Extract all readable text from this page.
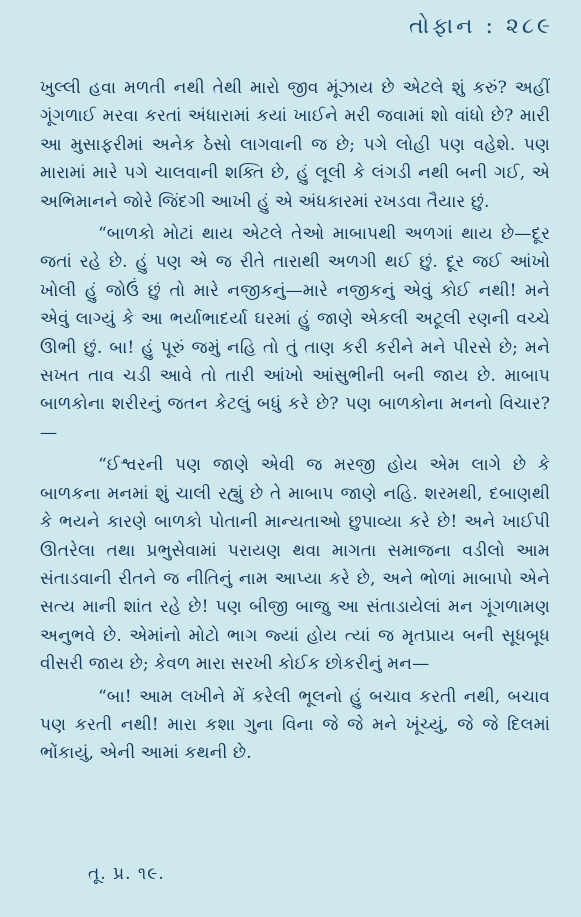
તોફાન : ૨૮૯

ખુલ્લી હવા મળતી નથી તેથી મારો જીવ મૂંઝાય છે એટલે શું કરું? અહીં ગૂંગળાઈ મરવા કરતાં અંધારામાં કયાં ખાઈને મરી જવામાં શો વાંધો છે? મારી આ મુસાફરીમાં અનેક ઠેસો લાગવાની જ છે; પગે લોહી પણ વહેશે. પણ મારામાં મારે પગે ચાલવાની શક્તિ છે, હું લૂલી કે લંગડી નથી બની ગઈ, એ અભિમાનને જોરે જિંદગી આખી હું એ અંધકારમાં રખડવા તૈયાર છું.

“બાળકો મોટાં થાય એટલે તેઓ માબાપથી અળગાં થાય છે—દૂર જતાં રહે છે. હું પણ એ જ રીતે તારાથી અળગી થઈ છું. દૂર જઈ આંખો ખોલી હું જોઉં છું તો મારે નજીકનું—મારે નજીકનું એવું કોઈ નથી! મને એવું લાગ્યું કે આ ભર્યાભાદર્યા ઘરમાં હું જાણે એકલી અટૂલી રણની વચ્ચે ઊભી છું. બા! હું પૂરું જમું નહિ તો તું તાણ કરી કરીને મને પીરસે છે; મને સખત તાવ ચડી આવે તો તારી આંખો આંસુભીની બની જાય છે. માબાપ બાળકોના શરીરનું જતન કેટલું બધું કરે છે? પણ બાળકોના મનનો વિચાર?—

“ઈશ્વરની પણ જાણે એવી જ મરજી હોય એમ લાગે છે કે બાળકના મનમાં શું ચાલી રહ્યું છે તે માબાપ જાણે નહિ. શરમથી, દબાણથી કે ભયને કારણે બાળકો પોતાની માન્યતાઓ છુપાવ્યા કરે છે! અને ખાઈપી ઊતરેલા તથા પ્રભુસેવામાં પરાયણ થવા માગતા સમાજના વડીલો આમ સંતાડવાની રીતને જ નીતિનું નામ આપ્યા કરે છે, અને ભોળાં માબાપો એને સત્ય માની શાંત રહે છે! પણ બીજી બાજુ આ સંતાડાયેલાં મન ગૂંગળામણ અનુભવે છે. એમાંનો મોટો ભાગ જ્યાં હોય ત્યાં જ મૃતપ્રાય બની સૂધબૂધ વીસરી જાય છે; કેવળ મારા સરખી કોઈક છોકરીનું મન—

“બા! આમ લખીને મેં કરેલી ભૂલનો હું બચાવ કરતી નથી, બચાવ પણ કરતી નથી! મારા કશા ગુના વિના જે જે મને ખૂંચ્યું, જે જે દિલમાં ભોંકાયું, એની આમાં કથની છે.

તૂ. પ્ર. ૧૯.
